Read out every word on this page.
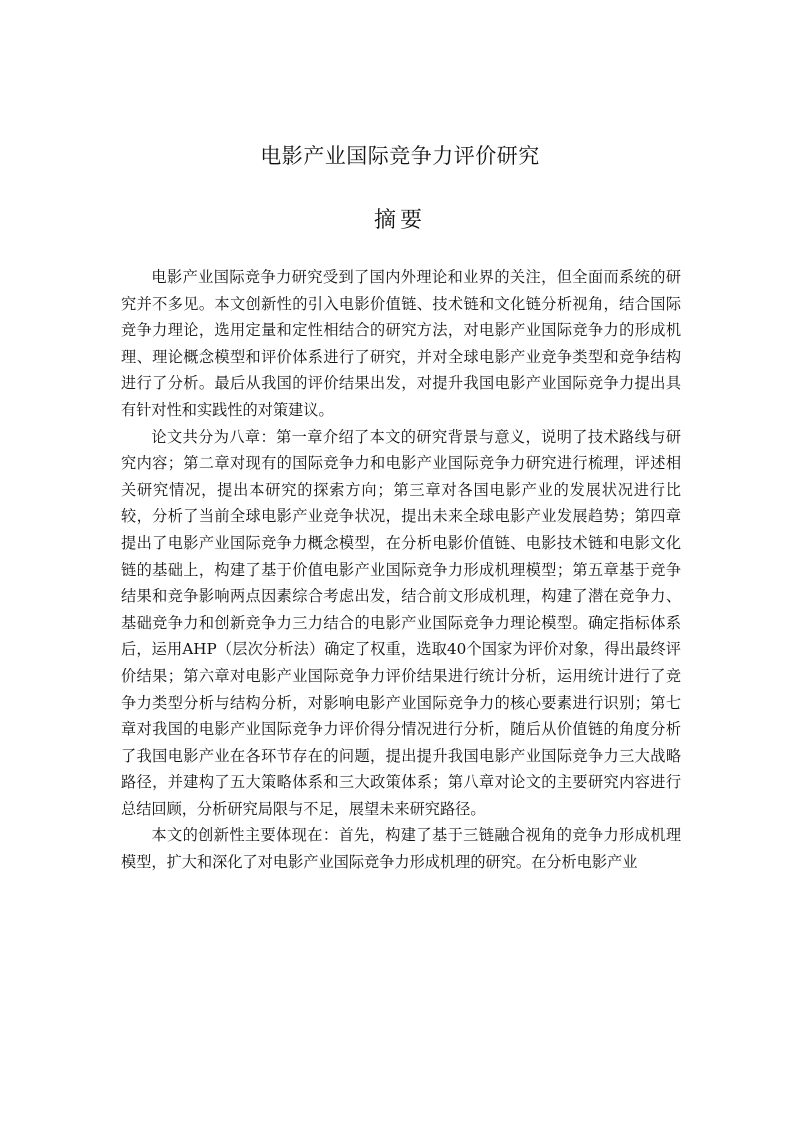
电影产业国际竞争力评价研究
摘要

电影产业国际竞争力研究受到了国内外理论和业界的关注，但全面而系统的研究并不多见。本文创新性的引入电影价值链、技术链和文化链分析视角，结合国际竞争力理论，选用定量和定性相结合的研究方法，对电影产业国际竞争力的形成机理、理论概念模型和评价体系进行了研究，并对全球电影产业竞争类型和竞争结构进行了分析。最后从我国的评价结果出发，对提升我国电影产业国际竞争力提出具有针对性和实践性的对策建议。

论文共分为八章：第一章介绍了本文的研究背景与意义，说明了技术路线与研究内容；第二章对现有的国际竞争力和电影产业国际竞争力研究进行梳理，评述相关研究情况，提出本研究的探索方向；第三章对各国电影产业的发展状况进行比较，分析了当前全球电影产业竞争状况，提出未来全球电影产业发展趋势；第四章提出了电影产业国际竞争力概念模型，在分析电影价值链、电影技术链和电影文化链的基础上，构建了基于价值电影产业国际竞争力形成机理模型；第五章基于竞争结果和竞争影响两点因素综合考虑出发，结合前文形成机理，构建了潜在竞争力、基础竞争力和创新竞争力三力结合的电影产业国际竞争力理论模型。确定指标体系后，运用AHP（层次分析法）确定了权重，选取40个国家为评价对象，得出最终评价结果；第六章对电影产业国际竞争力评价结果进行统计分析，运用统计进行了竞争力类型分析与结构分析，对影响电影产业国际竞争力的核心要素进行识别；第七章对我国的电影产业国际竞争力评价得分情况进行分析，随后从价值链的角度分析了我国电影产业在各环节存在的问题，提出提升我国电影产业国际竞争力三大战略路径，并建构了五大策略体系和三大政策体系；第八章对论文的主要研究内容进行总结回顾，分析研究局限与不足，展望未来研究路径。

本文的创新性主要体现在：首先，构建了基于三链融合视角的竞争力形成机理模型，扩大和深化了对电影产业国际竞争力形成机理的研究。在分析电影产业
